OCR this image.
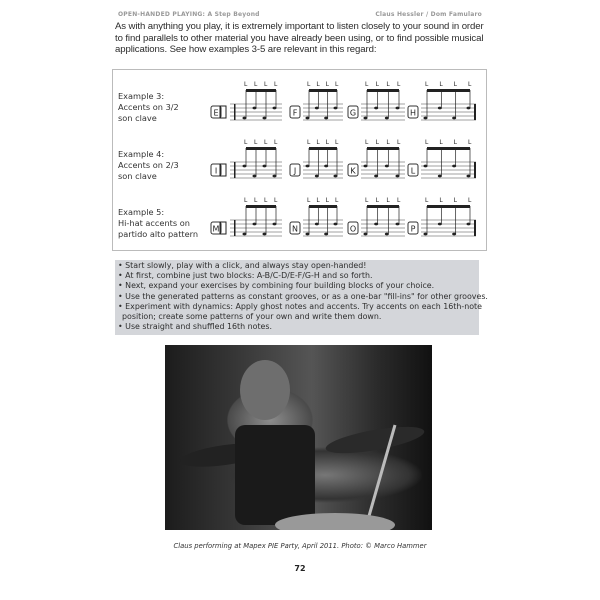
OPEN-HANDED PLAYING: A Step Beyond	Claus Hessler / Dom Famularo
As with anything you play, it is extremely important to listen closely to your sound in order to find parallels to other material you have already been using, or to find possible musical applications. See how examples 3-5 are relevant in this regard:
Example 3:
Accents on 3/2
son clave	E
L L L L
F
L L L L
G
L L L L
H
L L L L
Example 4:
Accents on 2/3
son clave	I
L L L L
J
L L L L
K
L L L L
L
L L L L
Example 5:
Hi-hat accents on
partido alto pattern M
L L L L
N
L L L L
O
L L L L
P
L L L L
• Start slowly, play with a click, and always stay open-handed!
• At first, combine just two blocks: A-B/C-D/E-F/G-H and so forth.
• Next, expand your exercises by combining four building blocks of your choice.
• Use the generated patterns as constant grooves, or as a one-bar "fill-ins" for other grooves.
• Experiment with dynamics: Apply ghost notes and accents. Try accents on each 16th-note
position; create some patterns of your own and write them down.
• Use straight and shuffled 16th notes.
Claus performing at Mapex PIE Party, April 2011. Photo: © Marco Hammer
72
